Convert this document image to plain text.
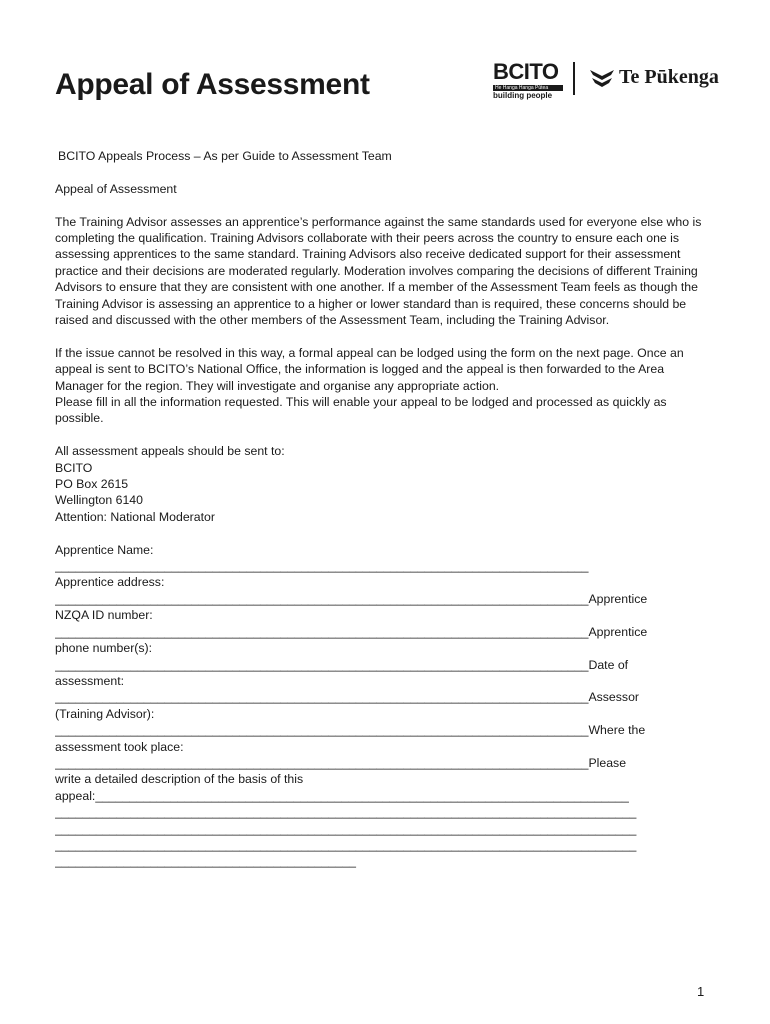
Appeal of Assessment	BCITO
He Hanga Hanga Pūtea
building people
Te Pūkenga

BCITO Appeals Process – As per Guide to Assessment Team

Appeal of Assessment

The Training Advisor assesses an apprentice’s performance against the same standards used for everyone else who is completing the qualification. Training Advisors collaborate with their peers across the country to ensure each one is assessing apprentices to the same standard. Training Advisors also receive dedicated support for their assessment practice and their decisions are moderated regularly. Moderation involves comparing the decisions of different Training Advisors to ensure that they are consistent with one another. If a member of the Assessment Team feels as though the Training Advisor is assessing an apprentice to a higher or lower standard than is required, these concerns should be raised and discussed with the other members of the Assessment Team, including the Training Advisor.

If the issue cannot be resolved in this way, a formal appeal can be lodged using the form on the next page. Once an appeal is sent to BCITO’s National Office, the information is logged and the appeal is then forwarded to the Area Manager for the region. They will investigate and organise any appropriate action.

Please fill in all the information requested. This will enable your appeal to be lodged and processed as quickly as possible.

All assessment appeals should be sent to:

BCITO

PO Box 2615

Wellington 6140

Attention: National Moderator

Apprentice Name:

______________________________________________________________________________

Apprentice address:

______________________________________________________________________________Apprentice

NZQA ID number:

______________________________________________________________________________Apprentice

phone number(s):

______________________________________________________________________________Date of

assessment:

______________________________________________________________________________Assessor

(Training Advisor):

______________________________________________________________________________Where the

assessment took place:

______________________________________________________________________________Please

write a detailed description of the basis of this

appeal:______________________________________________________________________________

_____________________________________________________________________________________

_____________________________________________________________________________________

_____________________________________________________________________________________

____________________________________________

1
